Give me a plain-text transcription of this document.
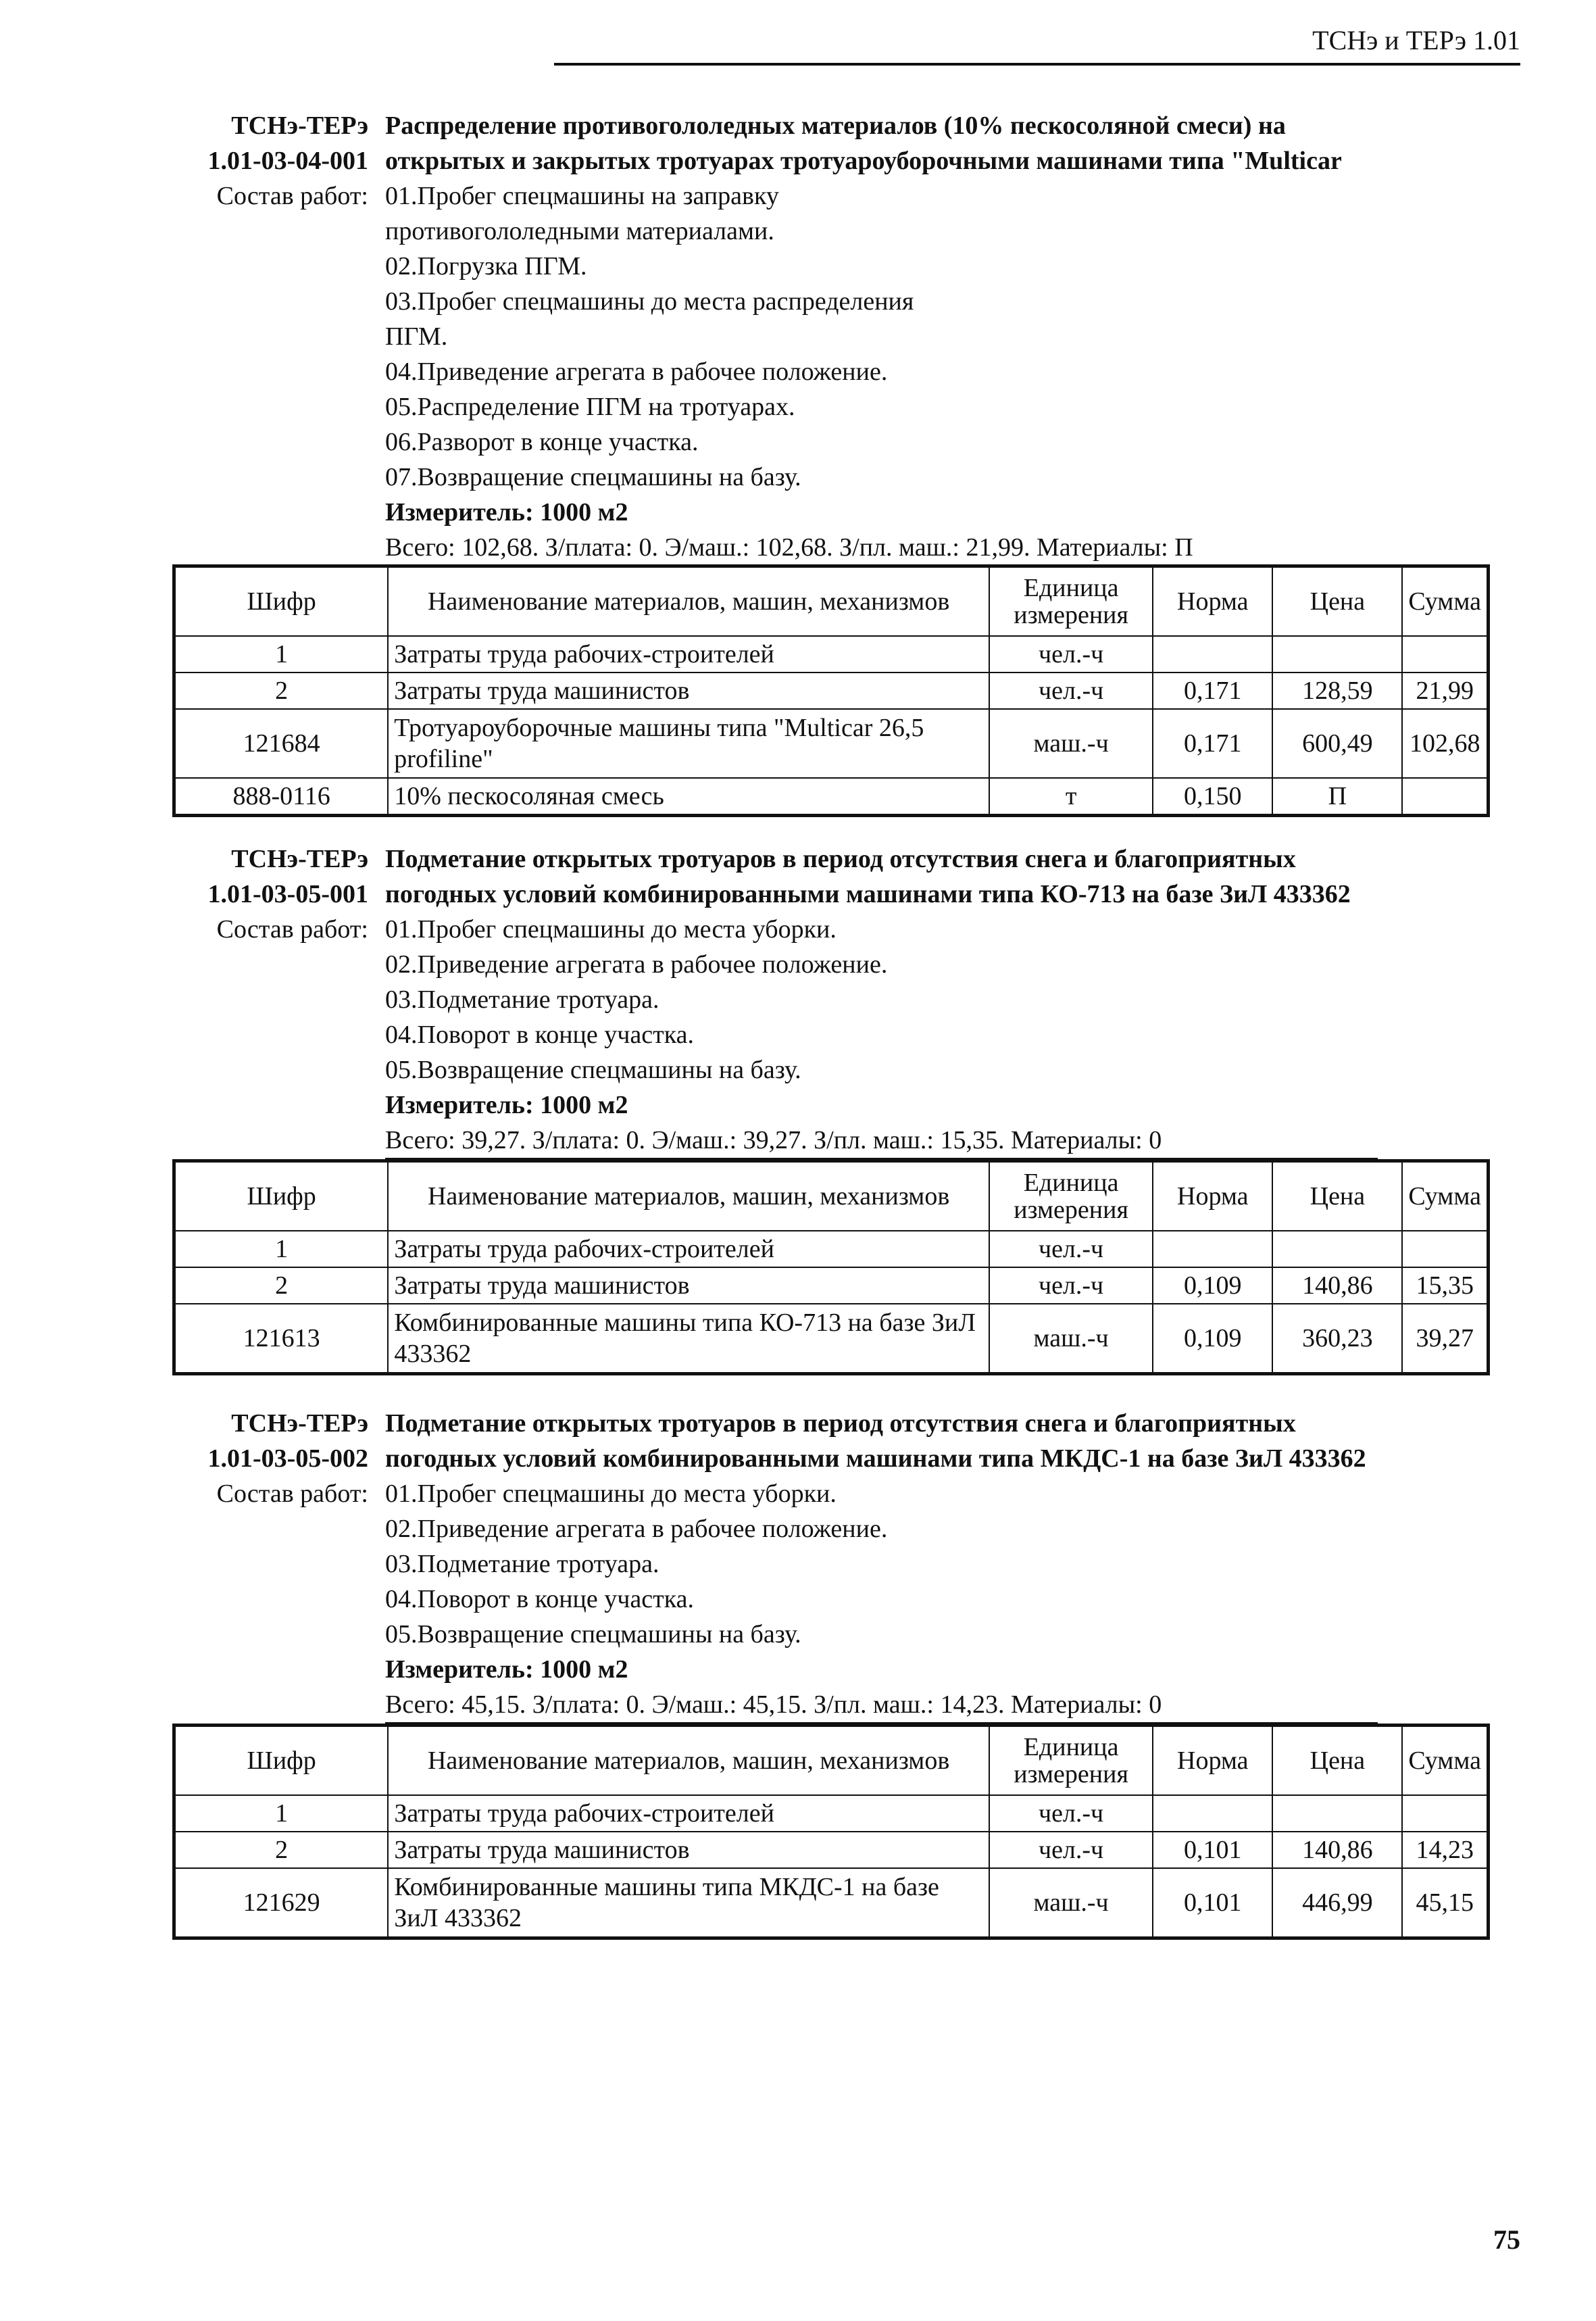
ТСНэ и ТЕРэ 1.01
ТСНэ-ТЕРэ
1.01-03-04-001
Состав работ:
Распределение противогололедных материалов (10% пескосоляной смеси) на
открытых и закрытых тротуарах тротуароуборочными машинами типа "Multicar
01.Пробег спецмашины на заправку
противогололедными материалами.
02.Погрузка ПГМ.
03.Пробег спецмашины до места распределения
ПГМ.
04.Приведение агрегата в рабочее положение.
05.Распределение ПГМ на тротуарах.
06.Разворот в конце участка.
07.Возвращение спецмашины на базу.
Измеритель: 1000 м2
Всего: 102,68. З/плата: 0. Э/маш.: 102,68. З/пл. маш.: 21,99. Материалы: П
Шифр	Наименование материалов, машин, механизмов	Единица измерения	Норма	Цена	Сумма
1	Затраты труда рабочих-строителей	чел.-ч			
2	Затраты труда машинистов	чел.-ч	0,171	128,59	21,99
121684	Тротуароуборочные машины типа "Multicar 26,5 profiline"	маш.-ч	0,171	600,49	102,68
888-0116	10% пескосоляная смесь	т	0,150	П	
ТСНэ-ТЕРэ
1.01-03-05-001
Состав работ:
Подметание открытых тротуаров в период отсутствия снега и благоприятных
погодных условий комбинированными машинами типа КО-713 на базе ЗиЛ 433362
01.Пробег спецмашины до места уборки.
02.Приведение агрегата в рабочее положение.
03.Подметание тротуара.
04.Поворот в конце участка.
05.Возвращение спецмашины на базу.
Измеритель: 1000 м2
Всего: 39,27. З/плата: 0. Э/маш.: 39,27. З/пл. маш.: 15,35. Материалы: 0
Шифр	Наименование материалов, машин, механизмов	Единица измерения	Норма	Цена	Сумма
1	Затраты труда рабочих-строителей	чел.-ч			
2	Затраты труда машинистов	чел.-ч	0,109	140,86	15,35
121613	Комбинированные машины типа КО-713 на базе ЗиЛ 433362	маш.-ч	0,109	360,23	39,27
ТСНэ-ТЕРэ
1.01-03-05-002
Состав работ:
Подметание открытых тротуаров в период отсутствия снега и благоприятных
погодных условий комбинированными машинами типа МКДС-1 на базе ЗиЛ 433362
01.Пробег спецмашины до места уборки.
02.Приведение агрегата в рабочее положение.
03.Подметание тротуара.
04.Поворот в конце участка.
05.Возвращение спецмашины на базу.
Измеритель: 1000 м2
Всего: 45,15. З/плата: 0. Э/маш.: 45,15. З/пл. маш.: 14,23. Материалы: 0
Шифр	Наименование материалов, машин, механизмов	Единица измерения	Норма	Цена	Сумма
1	Затраты труда рабочих-строителей	чел.-ч			
2	Затраты труда машинистов	чел.-ч	0,101	140,86	14,23
121629	Комбинированные машины типа МКДС-1 на базе ЗиЛ 433362	маш.-ч	0,101	446,99	45,15
75
